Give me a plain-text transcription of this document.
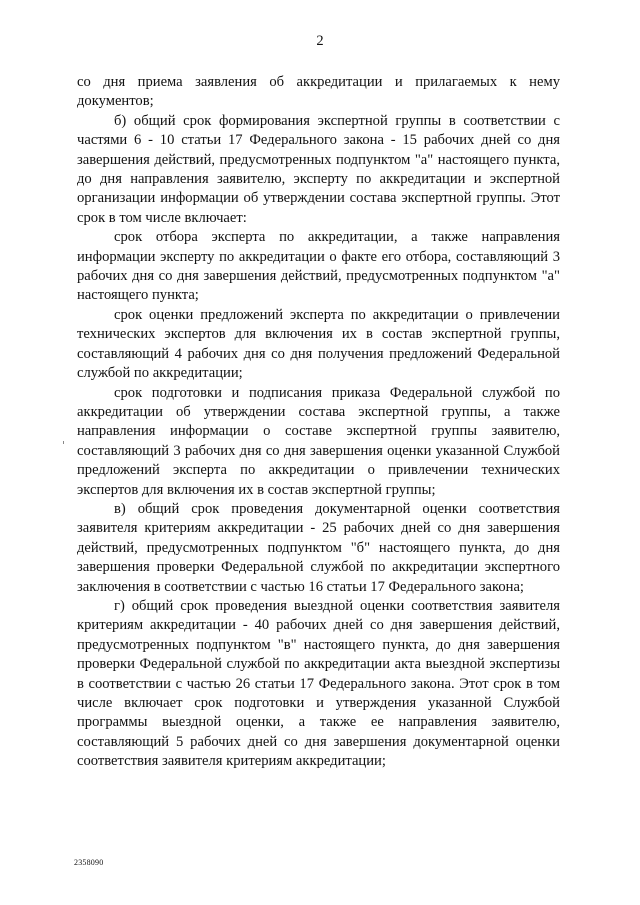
2

со дня приема заявления об аккредитации и прилагаемых к нему документов;

б) общий срок формирования экспертной группы в соответствии с частями 6 - 10 статьи 17 Федерального закона - 15 рабочих дней со дня завершения действий, предусмотренных подпунктом "а" настоящего пункта, до дня направления заявителю, эксперту по аккредитации и экспертной организации информации об утверждении состава экспертной группы. Этот срок в том числе включает:

срок отбора эксперта по аккредитации, а также направления информации эксперту по аккредитации о факте его отбора, составляющий 3 рабочих дня со дня завершения действий, предусмотренных подпунктом "а" настоящего пункта;

срок оценки предложений эксперта по аккредитации о привлечении технических экспертов для включения их в состав экспертной группы, составляющий 4 рабочих дня со дня получения предложений Федеральной службой по аккредитации;

срок подготовки и подписания приказа Федеральной службой по аккредитации об утверждении состава экспертной группы, а также направления информации о составе экспертной группы заявителю, составляющий 3 рабочих дня со дня завершения оценки указанной Службой предложений эксперта по аккредитации о привлечении технических экспертов для включения их в состав экспертной группы;

в) общий срок проведения документарной оценки соответствия заявителя критериям аккредитации - 25 рабочих дней со дня завершения действий, предусмотренных подпунктом "б" настоящего пункта, до дня завершения проверки Федеральной службой по аккредитации экспертного заключения в соответствии с частью 16 статьи 17 Федерального закона;

г) общий срок проведения выездной оценки соответствия заявителя критериям аккредитации - 40 рабочих дней со дня завершения действий, предусмотренных подпунктом "в" настоящего пункта, до дня завершения проверки Федеральной службой по аккредитации акта выездной экспертизы в соответствии с частью 26 статьи 17 Федерального закона. Этот срок в том числе включает срок подготовки и утверждения указанной Службой программы выездной оценки, а также ее направления заявителю, составляющий 5 рабочих дней со дня завершения документарной оценки соответствия заявителя критериям аккредитации;

2358090
